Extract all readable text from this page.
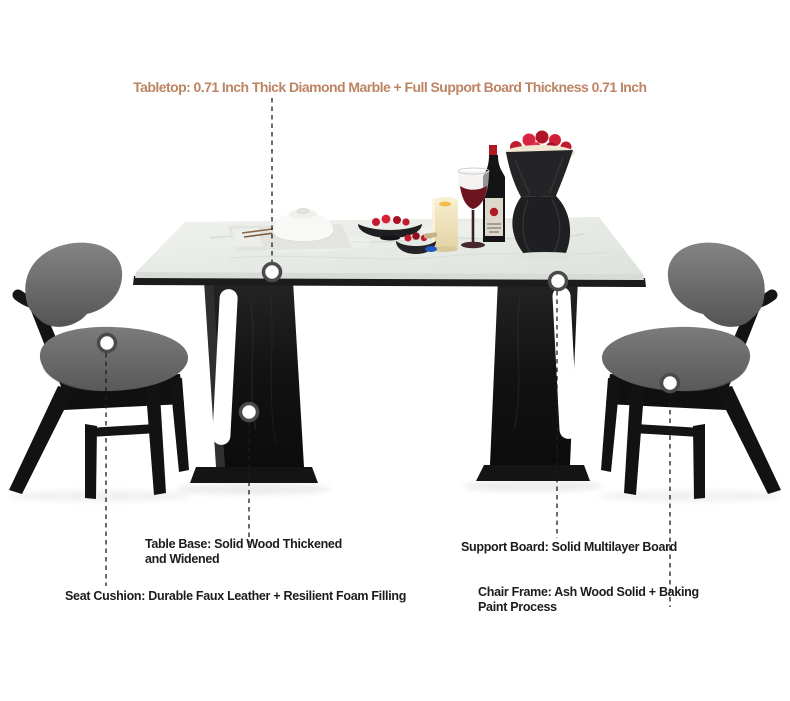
Tabletop: 0.71 Inch Thick Diamond Marble + Full Support Board Thickness 0.71 Inch
Table Base: Solid Wood Thickened
and Widened
Support Board: Solid Multilayer Board
Seat Cushion: Durable Faux Leather + Resilient Foam Filling	Chair Frame: Ash Wood Solid + Baking
Paint Process
